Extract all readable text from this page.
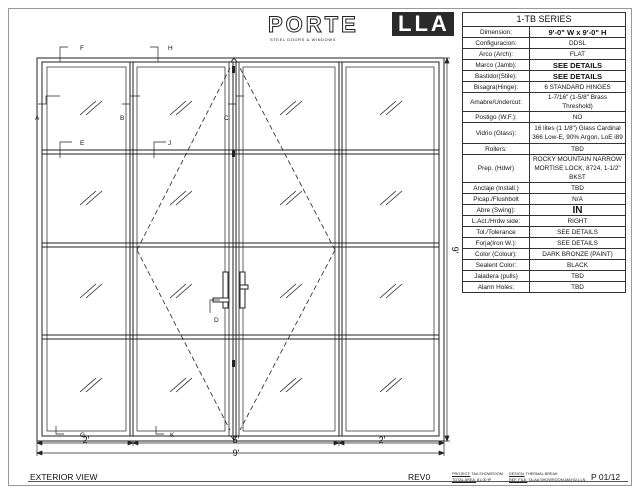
PORTE LLA
STEEL DOORS & WINDOWS
1-TB SERIES	
Dimension:	9'-0" W x 9'-0" H
Configuracion:	DDSL
Arco (Arch):	FLAT
Marco (Jamb):	SEE DETAILS
Bastidor(Stile):	SEE DETAILS
Bisagra(Hinge):	6 STANDARD HINGES
Amabre/Undercut:	1-7/16" (1-5/8" Brass Threshold)
Postigo (W.F.):	NO
Vidrio (Glass):	16 lites (1 1/8") Glass Cardinal 366 Low-E, 90% Argon, LoE i89
Rollers:	TBD
Prep. (Hdwr)	ROCKY MOUNTAIN NARROW MORTISE LOCK, 8724, 1-1/2" BKST
Anclaje (Install.)	TBD
Picap./Flushbolt	N/A
Abre (Swing):	IN
L.Act./Hrdw side:	RIGHT
Tol./Tolerance	SEE DETAILS
Forja(Iron W.):	SEE DETAILS
Color (Colour):	DARK BRONZE (PAINT)
Sealent Color:	BLACK
Jaladera (pulls)	TBD
Alarm Holes:	TBD
F	H
A	B	C
E	J
D
G	K
2'	5'	2'
9'
9'
EXTERIOR VIEW	REV0	P 01/12
PROJECT: TAA SHOWROOM DESIGN: THERMAL BREAK
TOTAL AREA: 81.00 ft²	REF. FILE: TA-AA SHOWROOM-MAY021-LN
